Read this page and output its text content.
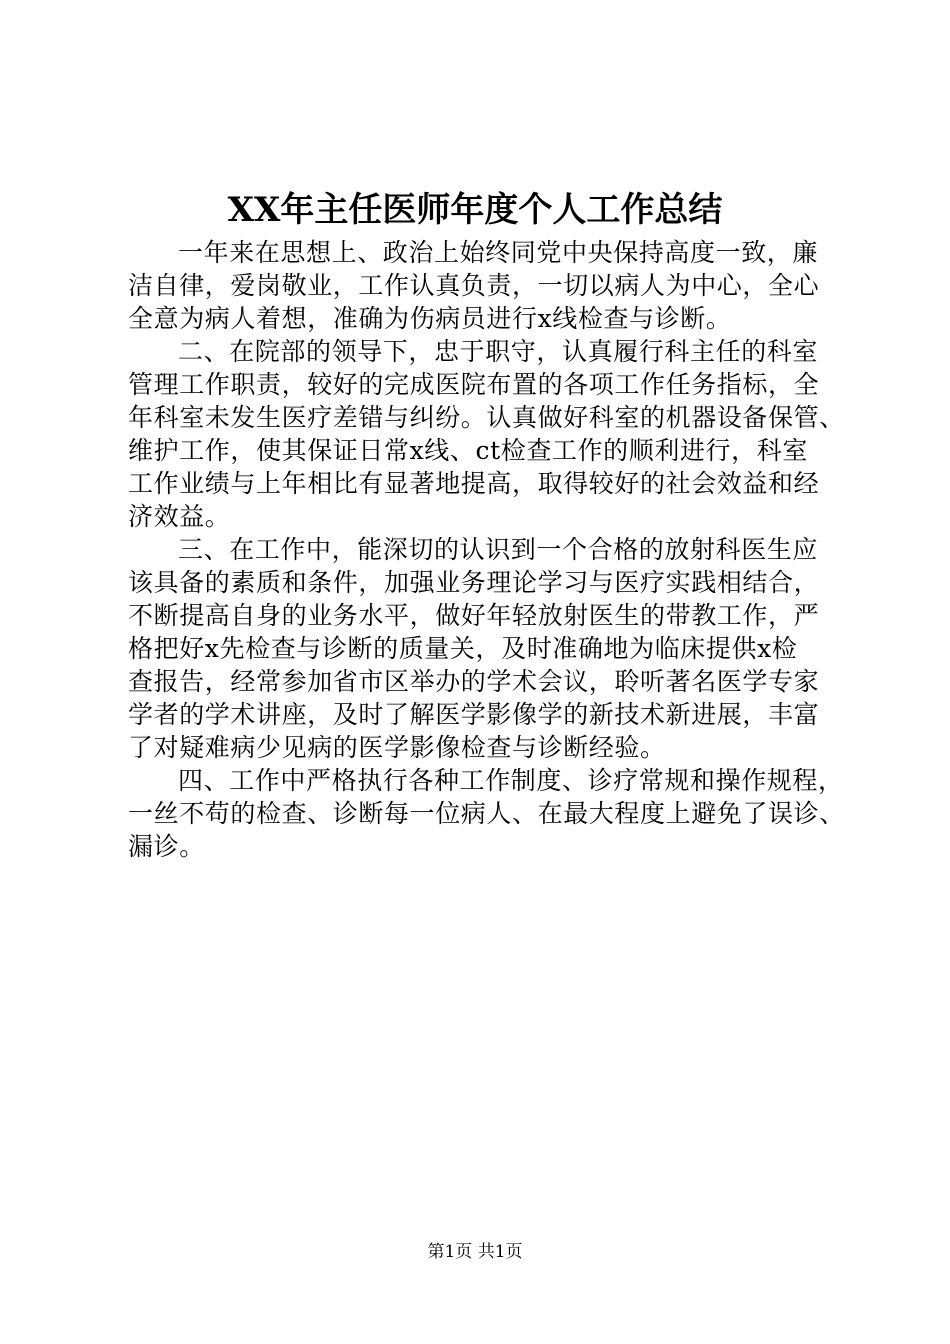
XX年主任医师年度个人工作总结
一年来在思想上、政治上始终同党中央保持高度一致，廉
洁自律，爱岗敬业，工作认真负责，一切以病人为中心，全心
全意为病人着想，准确为伤病员进行x线检查与诊断。
二、在院部的领导下，忠于职守，认真履行科主任的科室
管理工作职责，较好的完成医院布置的各项工作任务指标，全
年科室未发生医疗差错与纠纷。认真做好科室的机器设备保管、
维护工作，使其保证日常x线、ct检查工作的顺利进行，科室
工作业绩与上年相比有显著地提高，取得较好的社会效益和经
济效益。
三、在工作中，能深切的认识到一个合格的放射科医生应
该具备的素质和条件，加强业务理论学习与医疗实践相结合，
不断提高自身的业务水平，做好年轻放射医生的带教工作，严
格把好x先检查与诊断的质量关，及时准确地为临床提供x检
查报告，经常参加省市区举办的学术会议，聆听著名医学专家
学者的学术讲座，及时了解医学影像学的新技术新进展，丰富
了对疑难病少见病的医学影像检查与诊断经验。
四、工作中严格执行各种工作制度、诊疗常规和操作规程，
一丝不苟的检查、诊断每一位病人、在最大程度上避免了误诊、
漏诊。
第1页 共1页
